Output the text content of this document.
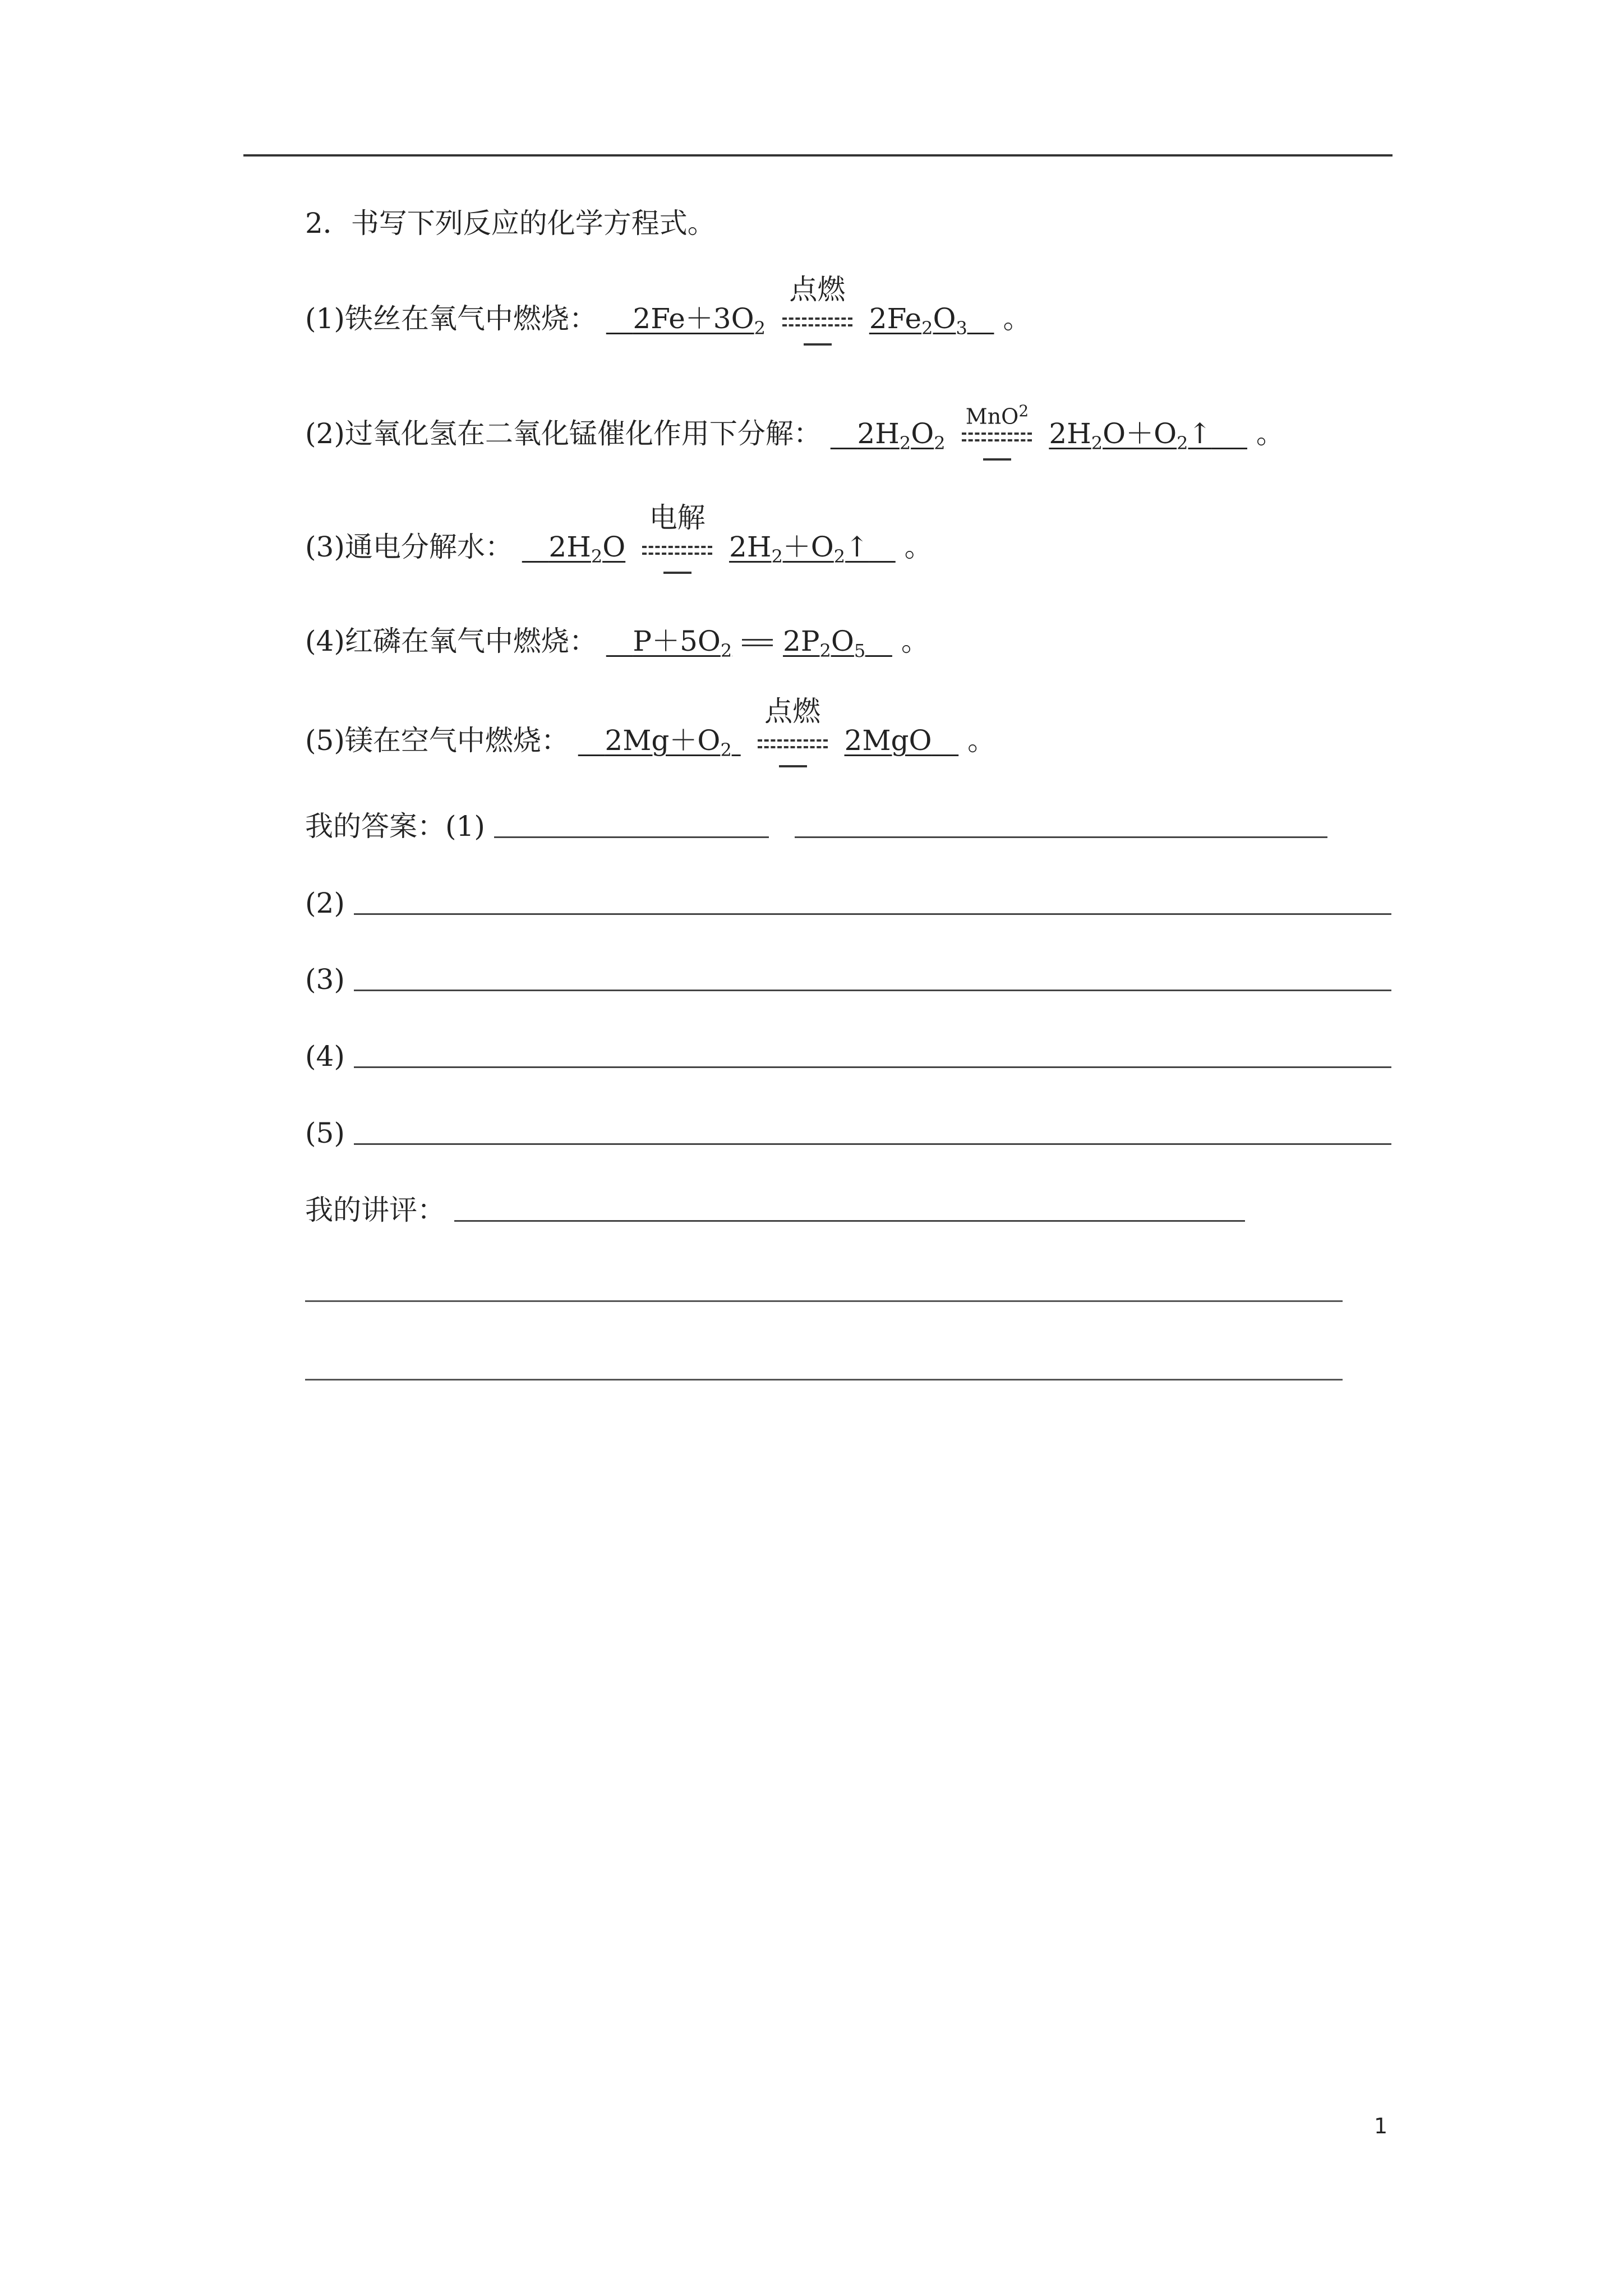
2．书写下列反应的化学方程式。
(1)铁丝在氧气中燃烧： $2Fe+3O_2$
点燃
$2Fe_2O_3$ 。
(2)过氧化氢在二氧化锰催化作用下分解： $2H_2O_2$
MnO$^2$
$2H_2O+O_2↑$ 。
(3)通电分解水： $2H_2O$
电解
$2H_2+O_2↑$ 。
(4)红磷在氧气中燃烧： $P+5O_2$ $2P_2O_5$ 。
(5)镁在空气中燃烧： $2Mg+O_2$
点燃
2MgO 。
我的答案：(1)
(2)
(3)
(4)
(5)
我的讲评：
1
